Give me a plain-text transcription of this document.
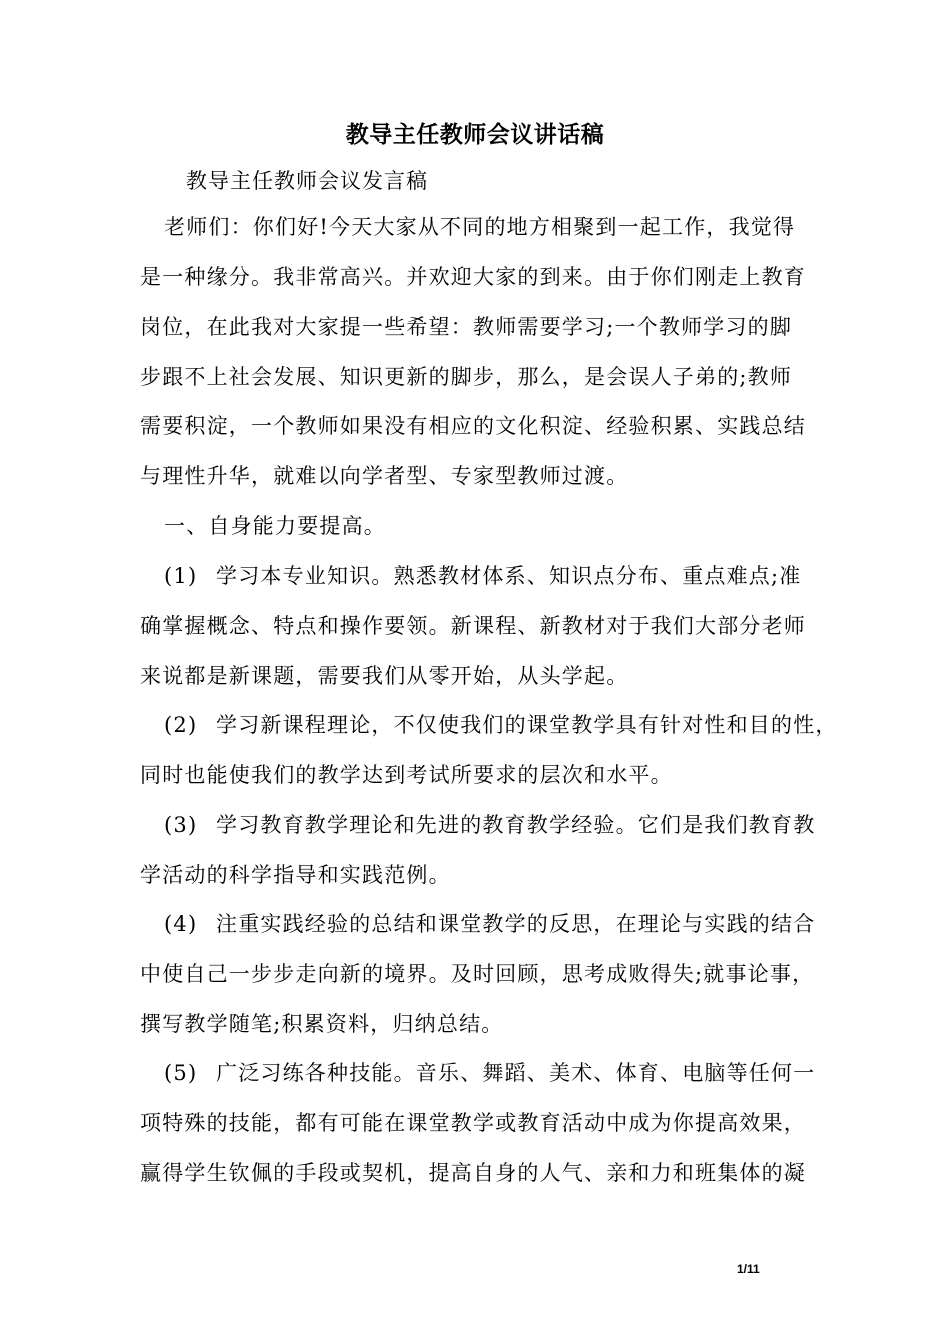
教导主任教师会议讲话稿
教导主任教师会议发言稿
老师们：你们好!今天大家从不同的地方相聚到一起工作，我觉得
是一种缘分。我非常高兴。并欢迎大家的到来。由于你们刚走上教育
岗位，在此我对大家提一些希望：教师需要学习;一个教师学习的脚
步跟不上社会发展、知识更新的脚步，那么，是会误人子弟的;教师
需要积淀，一个教师如果没有相应的文化积淀、经验积累、实践总结
与理性升华，就难以向学者型、专家型教师过渡。
一、自身能力要提高。
(1) 学习本专业知识。熟悉教材体系、知识点分布、重点难点;准
确掌握概念、特点和操作要领。新课程、新教材对于我们大部分老师
来说都是新课题，需要我们从零开始，从头学起。
(2) 学习新课程理论，不仅使我们的课堂教学具有针对性和目的性，
同时也能使我们的教学达到考试所要求的层次和水平。
(3) 学习教育教学理论和先进的教育教学经验。它们是我们教育教
学活动的科学指导和实践范例。
(4) 注重实践经验的总结和课堂教学的反思，在理论与实践的结合
中使自己一步步走向新的境界。及时回顾，思考成败得失;就事论事，
撰写教学随笔;积累资料，归纳总结。
(5) 广泛习练各种技能。音乐、舞蹈、美术、体育、电脑等任何一
项特殊的技能，都有可能在课堂教学或教育活动中成为你提高效果，
赢得学生钦佩的手段或契机，提高自身的人气、亲和力和班集体的凝
1/11
